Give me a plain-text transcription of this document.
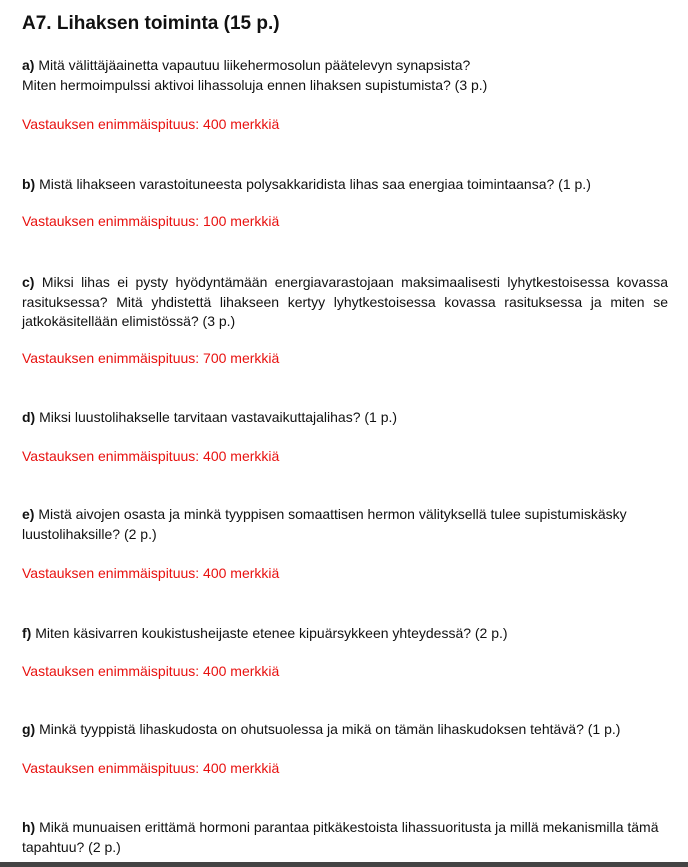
A7. Lihaksen toiminta (15 p.)

a) Mitä välittäjäainetta vapautuu liikehermosolun päätelevyn synapsista?
Miten hermoimpulssi aktivoi lihassoluja ennen lihaksen supistumista? (3 p.)

Vastauksen enimmäispituus: 400 merkkiä

b) Mistä lihakseen varastoituneesta polysakkaridista lihas saa energiaa toimintaansa? (1 p.)

Vastauksen enimmäispituus: 100 merkkiä

c) Miksi lihas ei pysty hyödyntämään energiavarastojaan maksimaalisesti lyhytkestoisessa kovassa rasituksessa? Mitä yhdistettä lihakseen kertyy lyhytkestoisessa kovassa rasituksessa ja miten se jatkokäsitellään elimistössä? (3 p.)

Vastauksen enimmäispituus: 700 merkkiä

d) Miksi luustolihakselle tarvitaan vastavaikuttajalihas? (1 p.)

Vastauksen enimmäispituus: 400 merkkiä

e) Mistä aivojen osasta ja minkä tyyppisen somaattisen hermon välityksellä tulee supistumiskäsky luustolihaksille? (2 p.)

Vastauksen enimmäispituus: 400 merkkiä

f) Miten käsivarren koukistusheijaste etenee kipuärsykkeen yhteydessä? (2 p.)

Vastauksen enimmäispituus: 400 merkkiä

g) Minkä tyyppistä lihaskudosta on ohutsuolessa ja mikä on tämän lihaskudoksen tehtävä? (1 p.)

Vastauksen enimmäispituus: 400 merkkiä

h) Mikä munuaisen erittämä hormoni parantaa pitkäkestoista lihassuoritusta ja millä mekanismilla tämä tapahtuu? (2 p.)
